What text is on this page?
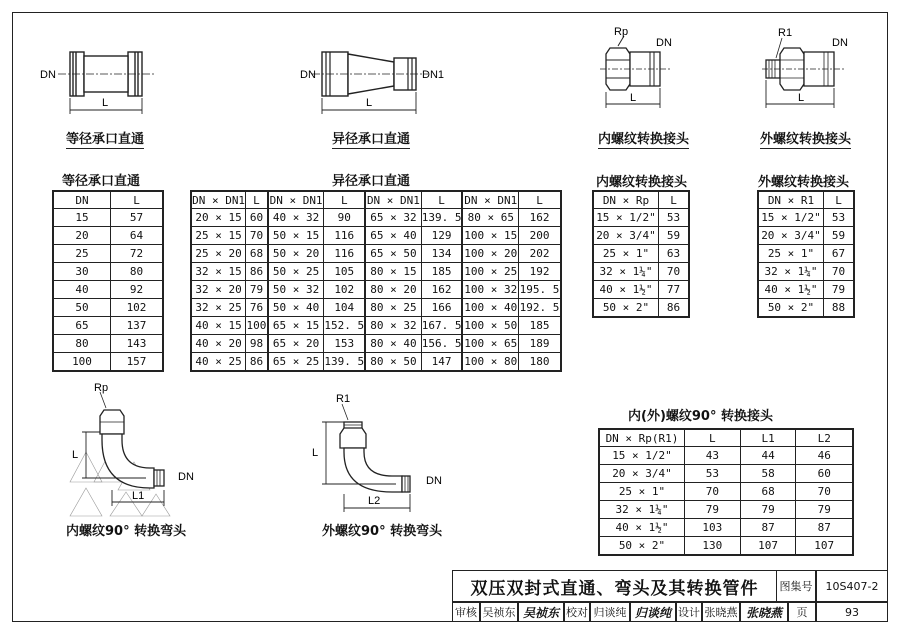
DN
L
等径承口直通
DN	DN1
L
异径承口直通
Rp
DN
L
内螺纹转换接头
R1
DN
L
外螺纹转换接头
等径承口直通	异径承口直通	内螺纹转换接头	外螺纹转换接头
DN	L
15	57
20	64
25	72
30	80
40	92
50	102
65	137
80	143
100	157
DN × DN1	L	DN × DN1	L	DN × DN1	L	DN × DN1	L
20 × 15	60	40 × 32	90	65 × 32	139. 5	80 × 65	162
25 × 15	70	50 × 15	116	65 × 40	129	100 × 15	200
25 × 20	68	50 × 20	116	65 × 50	134	100 × 20	202
32 × 15	86	50 × 25	105	80 × 15	185	100 × 25	192
32 × 20	79	50 × 32	102	80 × 20	162	100 × 32	195. 5
32 × 25	76	50 × 40	104	80 × 25	166	100 × 40	192. 5
40 × 15	100	65 × 15	152. 5	80 × 32	167. 5	100 × 50	185
40 × 20	98	65 × 20	153	80 × 40	156. 5	100 × 65	189
40 × 25	86	65 × 25	139. 5	80 × 50	147	100 × 80	180
DN × Rp	L
15 × 1/2"	53
20 × 3/4"	59
25 × 1"	63
32 × 1¼"	70
40 × 1½"	77
50 × 2"	86
DN × R1	L
15 × 1/2"	53
20 × 3/4"	59
25 × 1"	67
32 × 1¼"	70
40 × 1½"	79
50 × 2"	88
Rp
L
L1
DN
内螺纹90° 转换弯头
R1
L
L2
DN
外螺纹90° 转换弯头
内(外)螺纹90° 转换接头
DN × Rp(R1)	L	L1	L2
15 × 1/2"	43	44	46
20 × 3/4"	53	58	60
25 × 1"	70	68	70
32 × 1¼"	79	79	79
40 × 1½"	103	87	87
50 × 2"	130	107	107
双压双封式直通、弯头及其转换管件	图集号	10S407-2
审核 吴祯东 吴祯东 校对 归谈纯 归谈纯 设计 张晓燕 张晓燕	页	93
